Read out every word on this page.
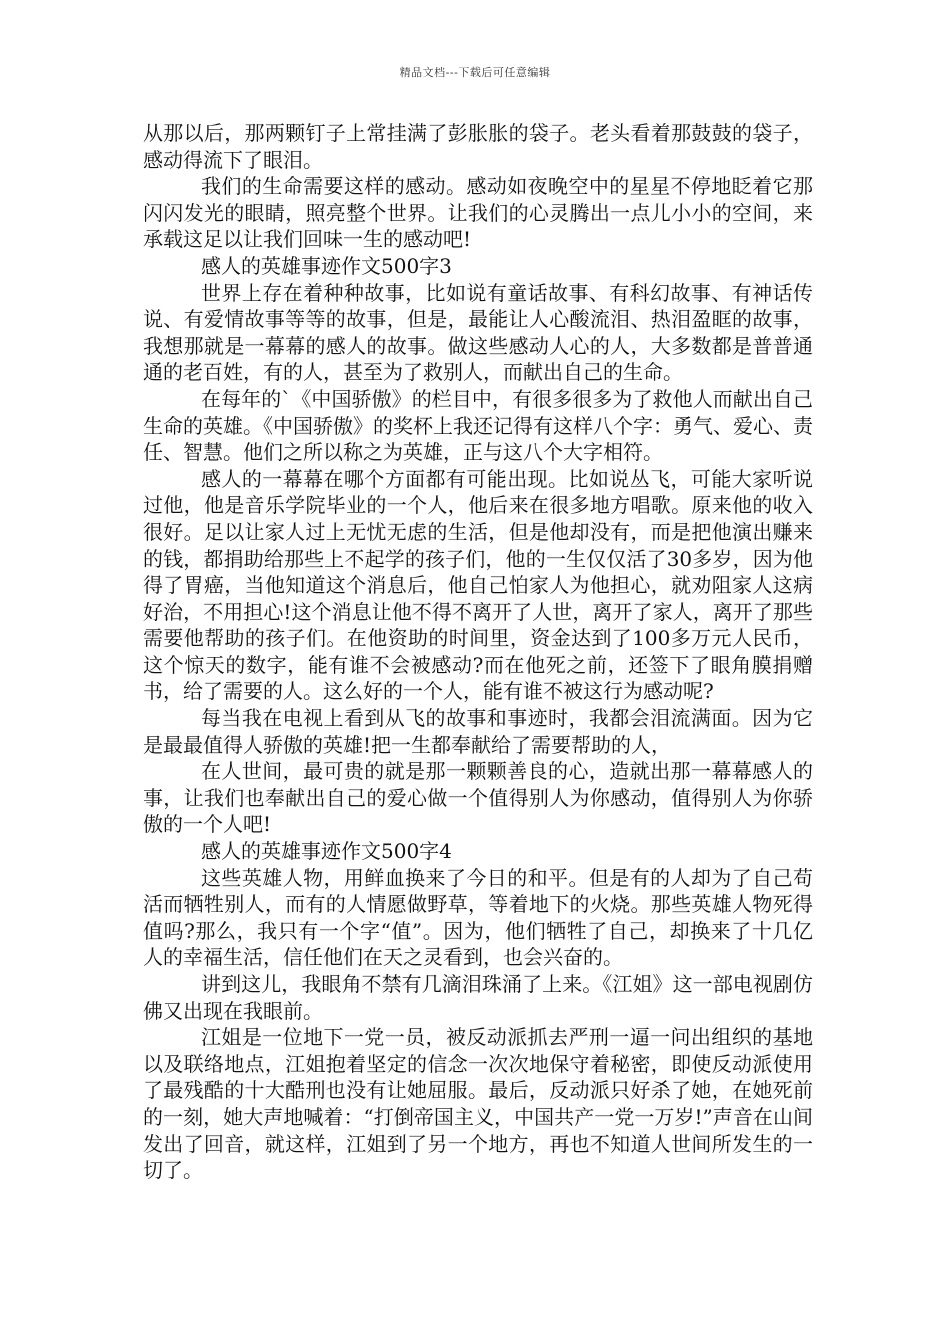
精品文档---下载后可任意编辑

从那以后，那两颗钉子上常挂满了彭胀胀的袋子。老头看着那鼓鼓的袋子，感动得流下了眼泪。

我们的生命需要这样的感动。感动如夜晚空中的星星不停地眨着它那闪闪发光的眼睛，照亮整个世界。让我们的心灵腾出一点儿小小的空间，来承载这足以让我们回味一生的感动吧!

感人的英雄事迹作文500字3

世界上存在着种种故事，比如说有童话故事、有科幻故事、有神话传说、有爱情故事等等的故事，但是，最能让人心酸流泪、热泪盈眶的故事，我想那就是一幕幕的感人的故事。做这些感动人心的人，大多数都是普普通通的老百姓，有的人，甚至为了救别人，而献出自己的生命。

在每年的`《中国骄傲》的栏目中，有很多很多为了救他人而献出自己生命的英雄。《中国骄傲》的奖杯上我还记得有这样八个字：勇气、爱心、责任、智慧。他们之所以称之为英雄，正与这八个大字相符。

感人的一幕幕在哪个方面都有可能出现。比如说丛飞，可能大家听说过他，他是音乐学院毕业的一个人，他后来在很多地方唱歌。原来他的收入很好。足以让家人过上无忧无虑的生活，但是他却没有，而是把他演出赚来的钱，都捐助给那些上不起学的孩子们，他的一生仅仅活了30多岁，因为他得了胃癌，当他知道这个消息后，他自己怕家人为他担心，就劝阻家人这病好治，不用担心!这个消息让他不得不离开了人世，离开了家人，离开了那些需要他帮助的孩子们。在他资助的时间里，资金达到了100多万元人民币，这个惊天的数字，能有谁不会被感动?而在他死之前，还签下了眼角膜捐赠书，给了需要的人。这么好的一个人，能有谁不被这行为感动呢?

每当我在电视上看到从飞的故事和事迹时，我都会泪流满面。因为它是最最值得人骄傲的英雄!把一生都奉献给了需要帮助的人，

在人世间，最可贵的就是那一颗颗善良的心，造就出那一幕幕感人的事，让我们也奉献出自己的爱心做一个值得别人为你感动，值得别人为你骄傲的一个人吧!

感人的英雄事迹作文500字4

这些英雄人物，用鲜血换来了今日的和平。但是有的人却为了自己苟活而牺牲别人，而有的人情愿做野草，等着地下的火烧。那些英雄人物死得值吗?那么，我只有一个字“值”。因为，他们牺牲了自己，却换来了十几亿人的幸福生活，信任他们在天之灵看到，也会兴奋的。

讲到这儿，我眼角不禁有几滴泪珠涌了上来。《江姐》这一部电视剧仿佛又出现在我眼前。

江姐是一位地下一党一员，被反动派抓去严刑一逼一问出组织的基地以及联络地点，江姐抱着坚定的信念一次次地保守着秘密，即使反动派使用了最残酷的十大酷刑也没有让她屈服。最后，反动派只好杀了她，在她死前的一刻，她大声地喊着：“打倒帝国主义，中国共产一党一万岁!”声音在山间发出了回音，就这样，江姐到了另一个地方，再也不知道人世间所发生的一切了。
